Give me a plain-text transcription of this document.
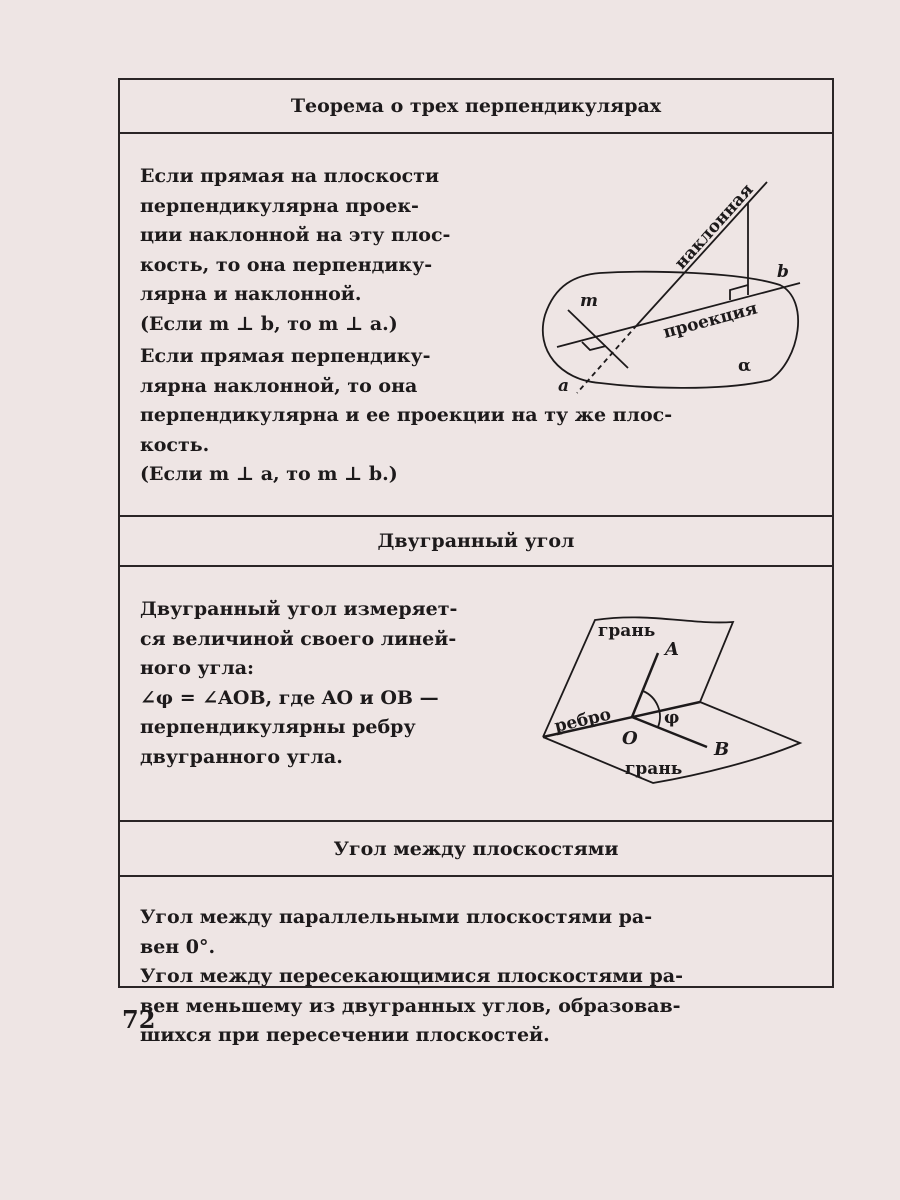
Теорема о трех перпендикулярах
Если прямая на плоскости
перпендикулярна проек-
ции наклонной на эту плос-
кость, то она перпендику-
лярна и наклонной.
(Если m ⊥ b, то m ⊥ a.)
Если прямая перпендику-
лярна наклонной, то она
перпендикулярна и ее проекции на ту же плос-
кость.
(Если m ⊥ a, то m ⊥ b.)
Двугранный угол
Двугранный угол измеряет-
ся величиной своего линей-
ного угла:
∠φ = ∠AOB, где AO и OB —
перпендикулярны ребру
двугранного угла.
Угол между плоскостями
Угол между параллельными плоскостями ра-
вен 0°.
Угол между пересекающимися плоскостями ра-
вен меньшему из двугранных углов, образовав-
шихся при пересечении плоскостей.
наклонная
проекция
m
a
b
α
грань
грань
ребро
A
B
O
φ
72
